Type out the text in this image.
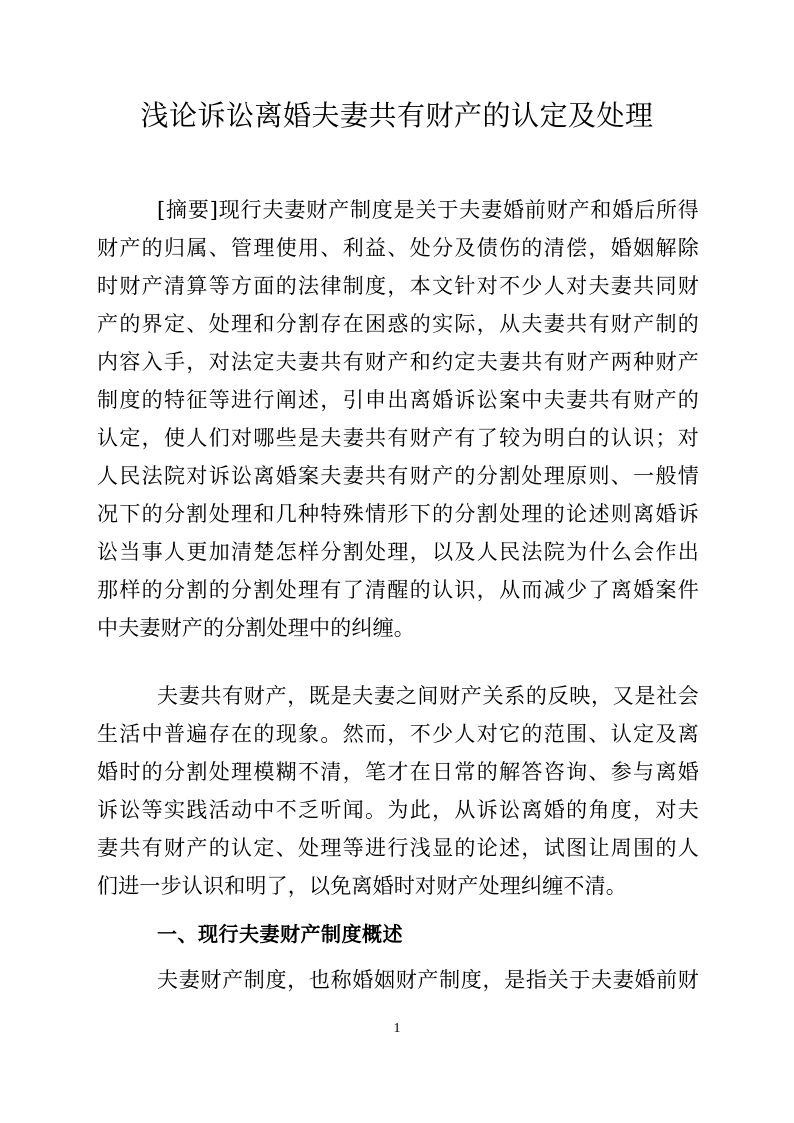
浅论诉讼离婚夫妻共有财产的认定及处理
[摘要]现行夫妻财产制度是关于夫妻婚前财产和婚后所得
财产的归属、管理使用、利益、处分及债伤的清偿，婚姻解除
时财产清算等方面的法律制度，本文针对不少人对夫妻共同财
产的界定、处理和分割存在困惑的实际，从夫妻共有财产制的
内容入手，对法定夫妻共有财产和约定夫妻共有财产两种财产
制度的特征等进行阐述，引申出离婚诉讼案中夫妻共有财产的
认定，使人们对哪些是夫妻共有财产有了较为明白的认识；对
人民法院对诉讼离婚案夫妻共有财产的分割处理原则、一般情
况下的分割处理和几种特殊情形下的分割处理的论述则离婚诉
讼当事人更加清楚怎样分割处理，以及人民法院为什么会作出
那样的分割的分割处理有了清醒的认识，从而减少了离婚案件
中夫妻财产的分割处理中的纠缠。
夫妻共有财产，既是夫妻之间财产关系的反映，又是社会
生活中普遍存在的现象。然而，不少人对它的范围、认定及离
婚时的分割处理模糊不清，笔才在日常的解答咨询、参与离婚
诉讼等实践活动中不乏听闻。为此，从诉讼离婚的角度，对夫
妻共有财产的认定、处理等进行浅显的论述，试图让周围的人
们进一步认识和明了，以免离婚时对财产处理纠缠不清。
一、现行夫妻财产制度概述
夫妻财产制度，也称婚姻财产制度，是指关于夫妻婚前财
1
